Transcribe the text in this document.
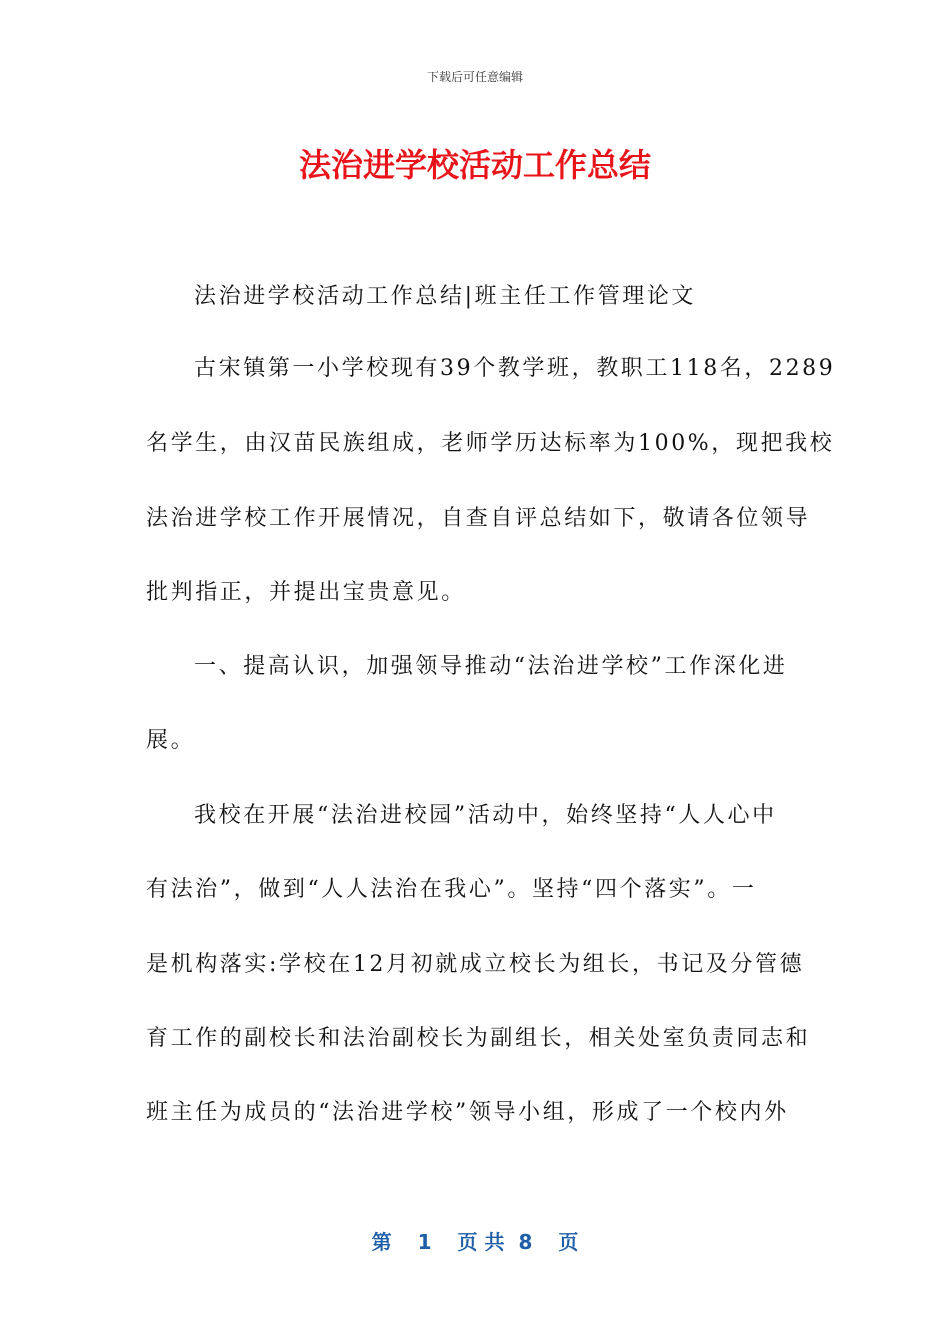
下载后可任意编辑
法治进学校活动工作总结
法治进学校活动工作总结|班主任工作管理论文
古宋镇第一小学校现有39个教学班，教职工118名，2289
名学生，由汉苗民族组成，老师学历达标率为100%，现把我校
法治进学校工作开展情况，自查自评总结如下，敬请各位领导
批判指正，并提出宝贵意见。
一、提高认识，加强领导推动“法治进学校”工作深化进
展。
我校在开展“法治进校园”活动中，始终坚持“人人心中
有法治”，做到“人人法治在我心”。坚持“四个落实”。一
是机构落实:学校在12月初就成立校长为组长，书记及分管德
育工作的副校长和法治副校长为副组长，相关处室负责同志和
班主任为成员的“法治进学校”领导小组，形成了一个校内外
第 1 页 共 8 页
